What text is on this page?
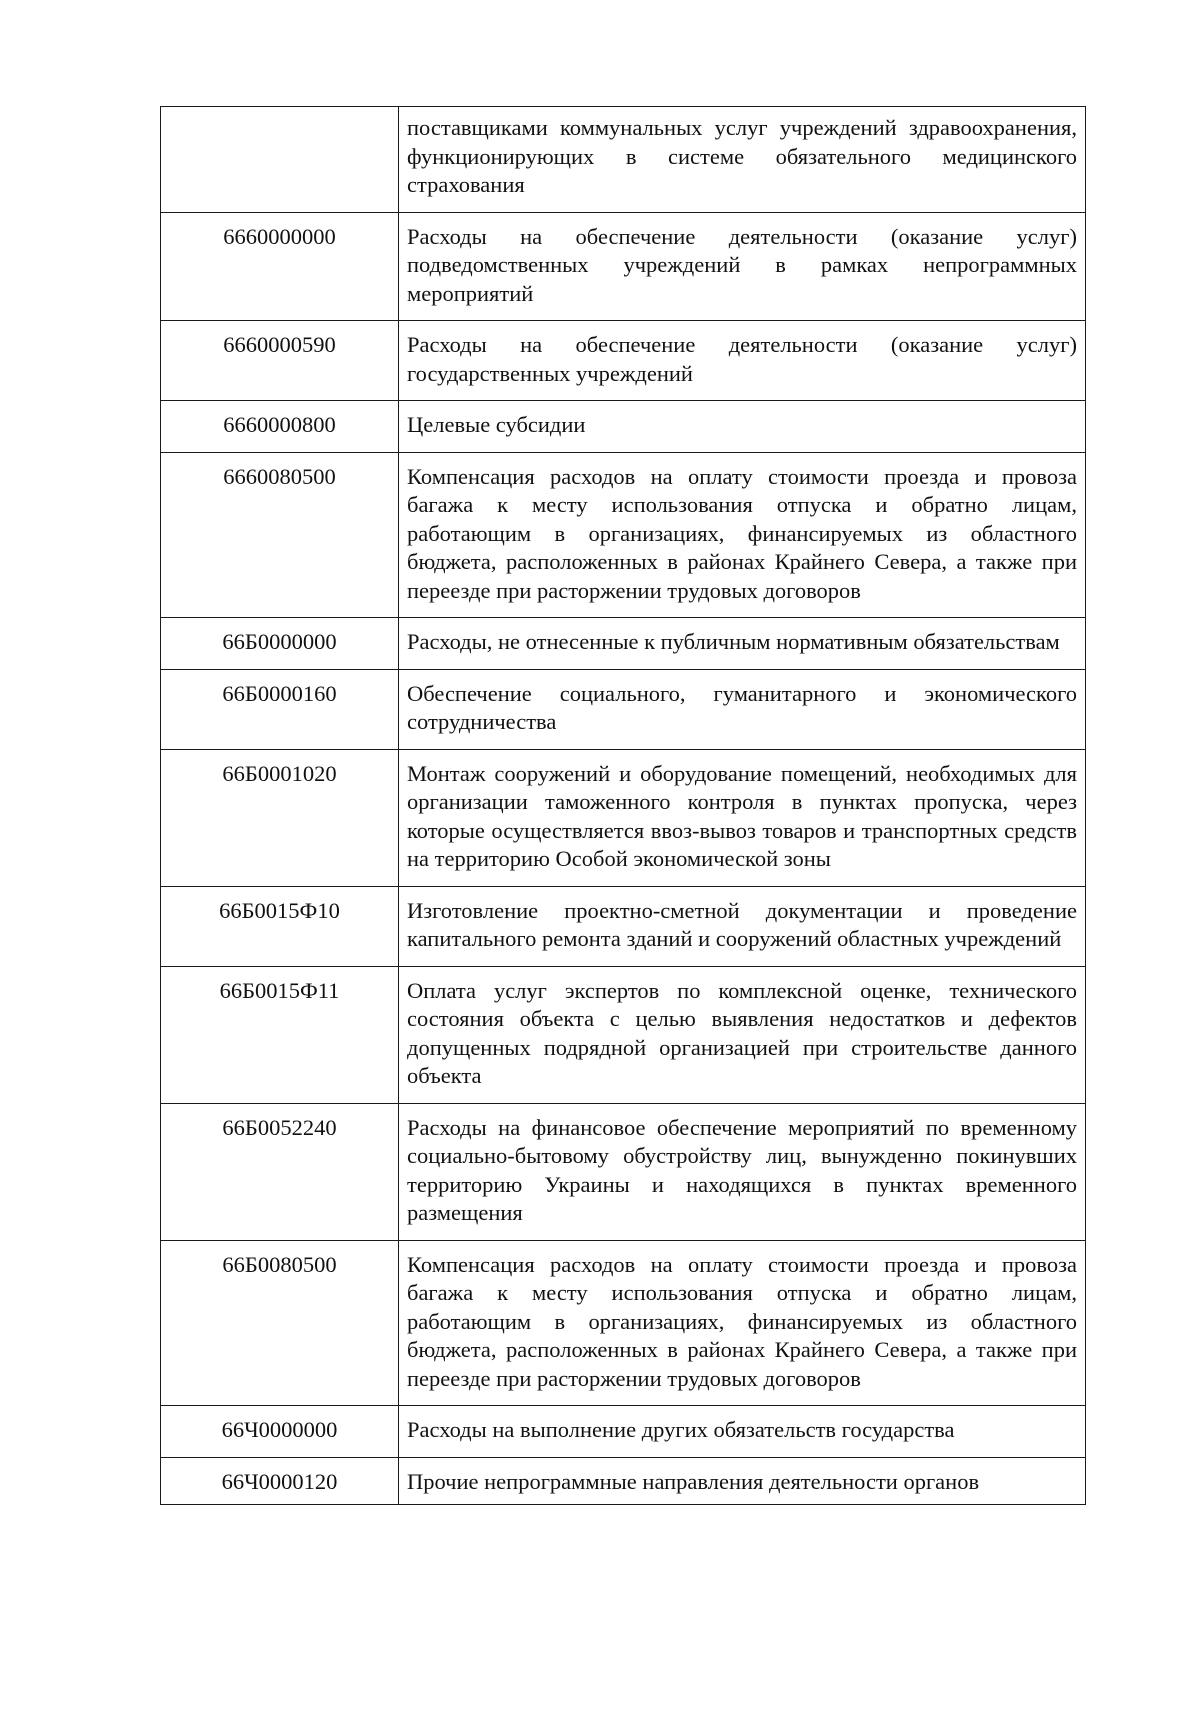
	поставщиками коммунальных услуг учреждений здравоохранения, функционирующих в системе обязательного медицинского страхования
6660000000	Расходы на обеспечение деятельности (оказание услуг) подведомственных учреждений в рамках непрограммных мероприятий
6660000590	Расходы на обеспечение деятельности (оказание услуг) государственных учреждений
6660000800	Целевые субсидии
6660080500	Компенсация расходов на оплату стоимости проезда и провоза багажа к месту использования отпуска и обратно лицам, работающим в организациях, финансируемых из областного бюджета, расположенных в районах Крайнего Севера, а также при переезде при расторжении трудовых договоров
66Б0000000	Расходы, не отнесенные к публичным нормативным обязательствам
66Б0000160	Обеспечение социального, гуманитарного и экономического сотрудничества
66Б0001020	Монтаж сооружений и оборудование помещений, необходимых для организации таможенного контроля в пунктах пропуска, через которые осуществляется ввоз-вывоз товаров и транспортных средств на территорию Особой экономической зоны
66Б0015Ф10	Изготовление проектно-сметной документации и проведение капитального ремонта зданий и сооружений областных учреждений
66Б0015Ф11	Оплата услуг экспертов по комплексной оценке, технического состояния объекта с целью выявления недостатков и дефектов допущенных подрядной организацией при строительстве данного объекта
66Б0052240	Расходы на финансовое обеспечение мероприятий по временному социально-бытовому обустройству лиц, вынужденно покинувших территорию Украины и находящихся в пунктах временного размещения
66Б0080500	Компенсация расходов на оплату стоимости проезда и провоза багажа к месту использования отпуска и обратно лицам, работающим в организациях, финансируемых из областного бюджета, расположенных в районах Крайнего Севера, а также при переезде при расторжении трудовых договоров
66Ч0000000	Расходы на выполнение других обязательств государства
66Ч0000120	Прочие непрограммные направления деятельности органов
